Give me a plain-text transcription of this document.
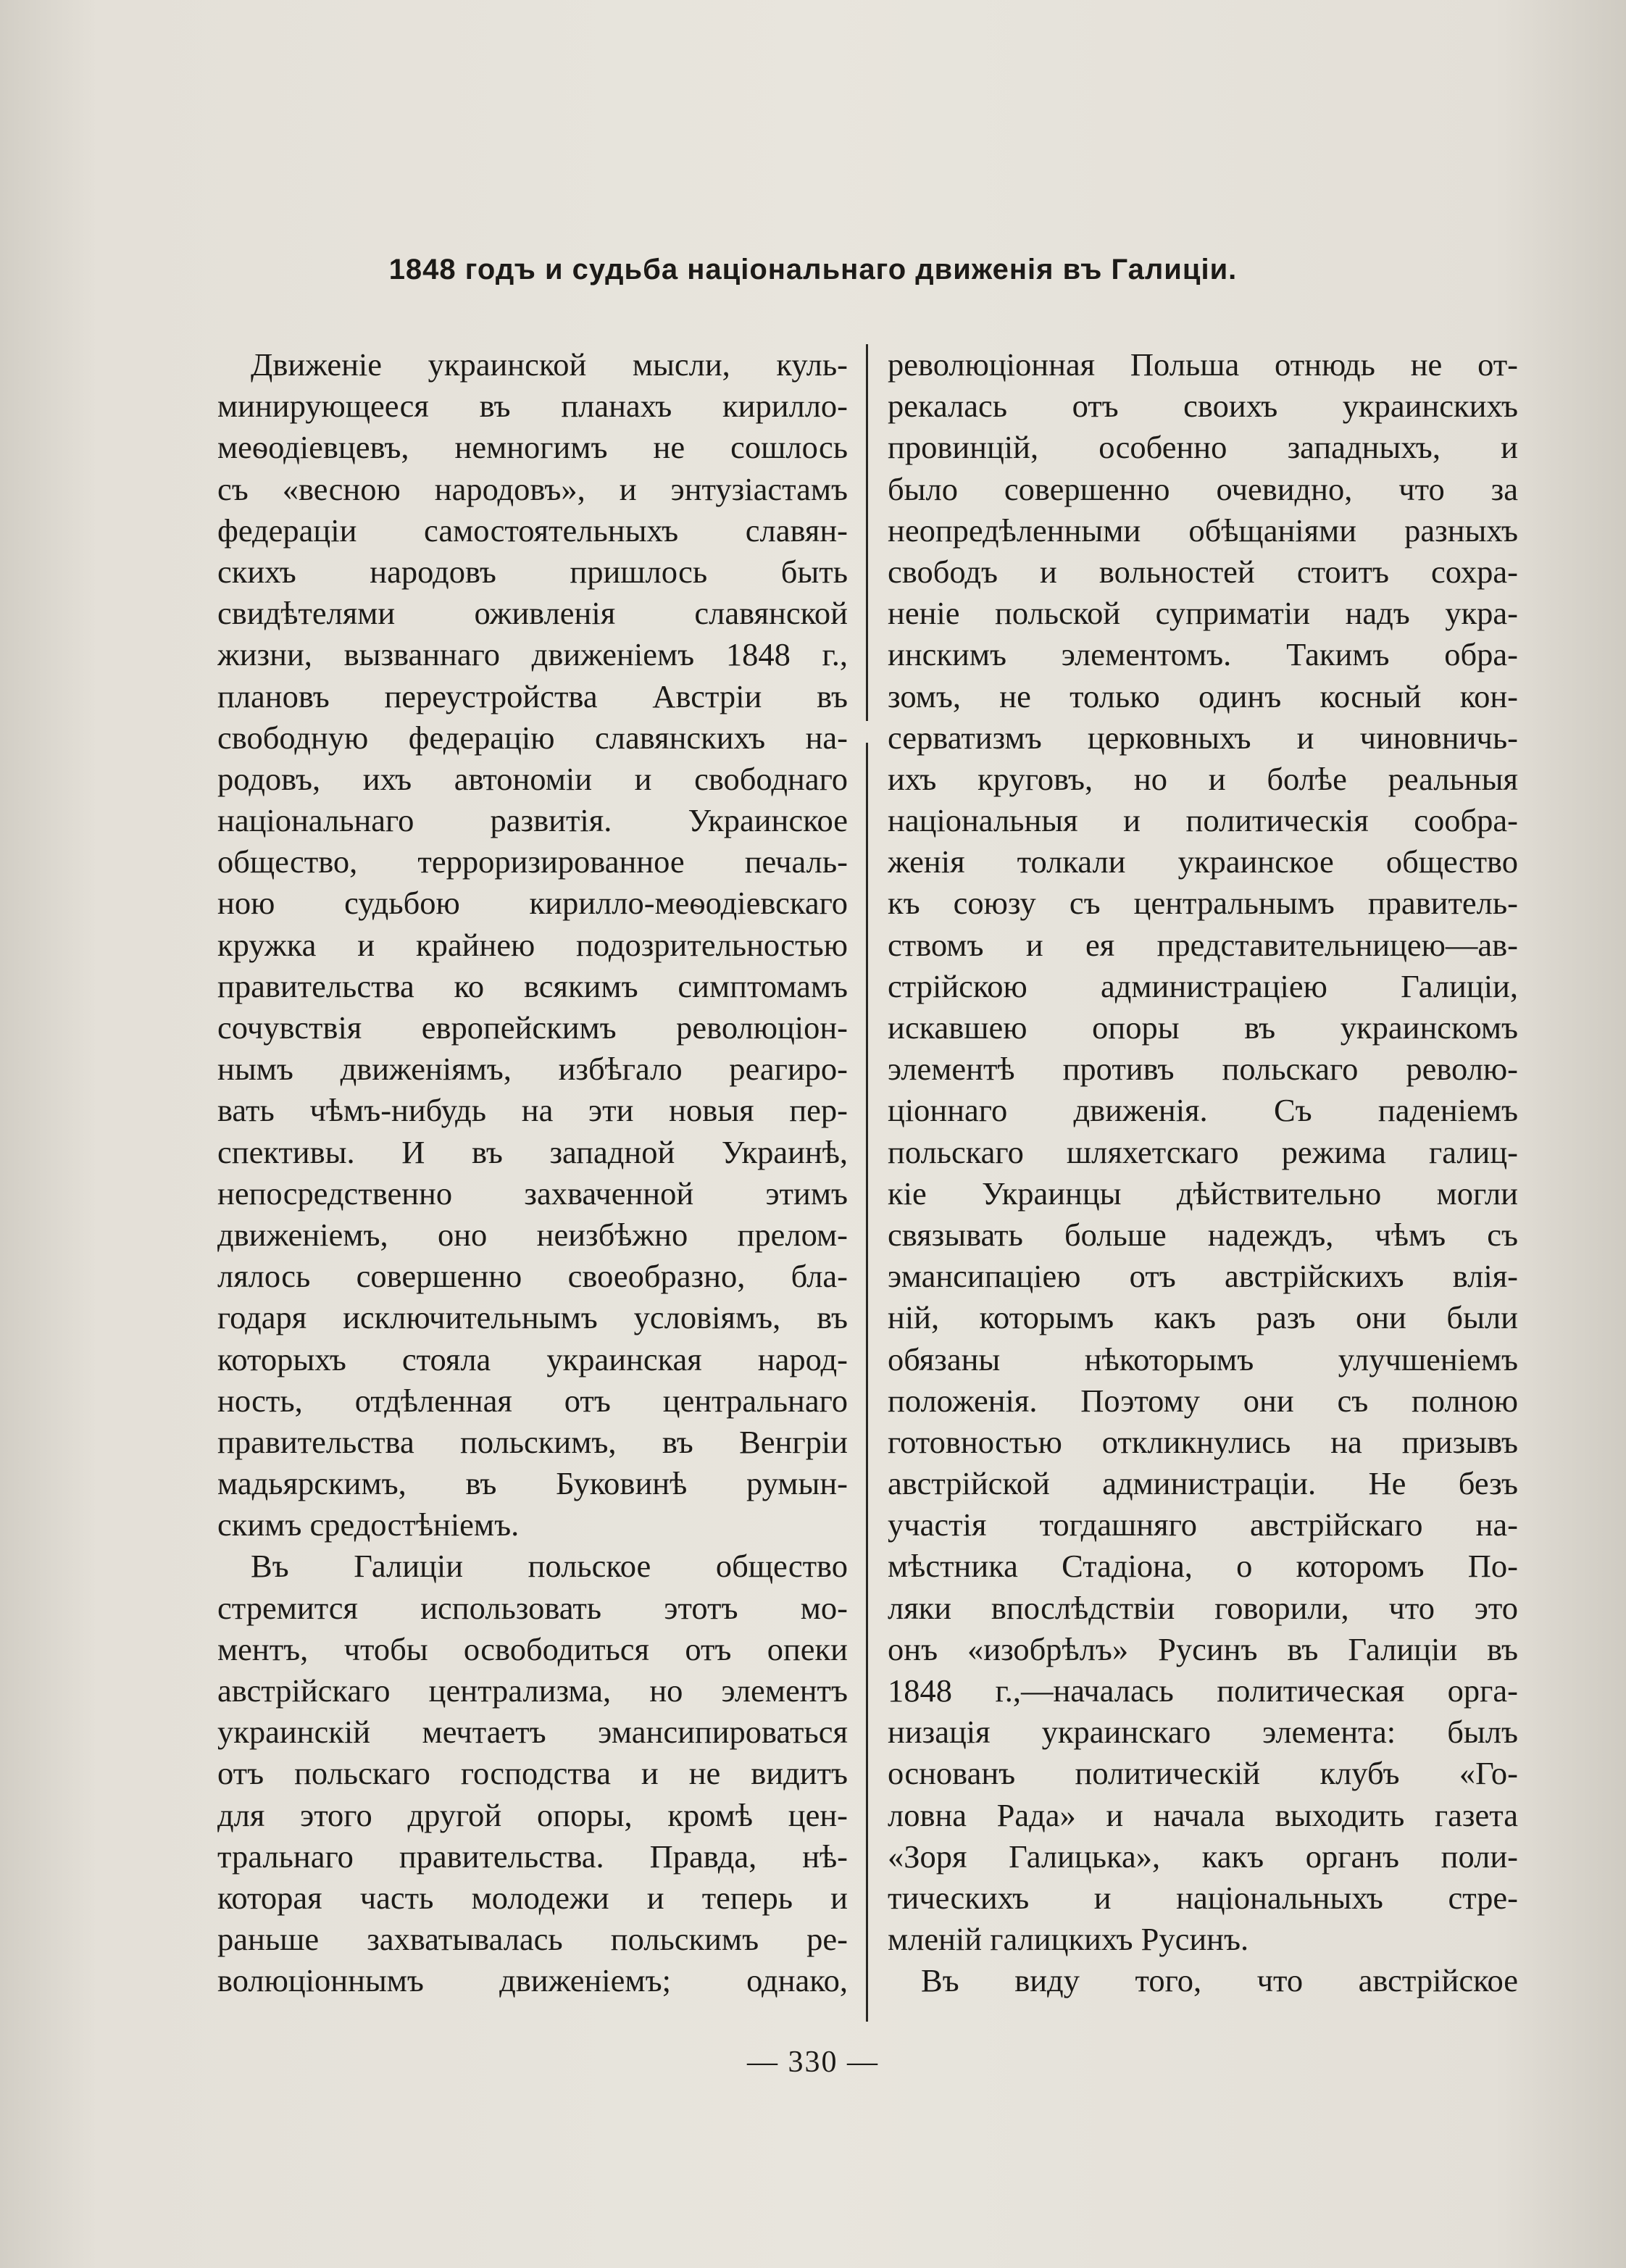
1848 годъ и судьба національнаго движенія въ Галиціи.
Движеніе украинской мысли, куль-
минирующееся въ планахъ кирилло-
меѳодіевцевъ, немногимъ не сошлось
съ «весною народовъ», и энтузіастамъ
федераціи самостоятельныхъ славян-
скихъ народовъ пришлось быть
свидѣтелями оживленія славянской
жизни, вызваннаго движеніемъ 1848 г.,
плановъ переустройства Австріи въ
свободную федерацію славянскихъ на-
родовъ, ихъ автономіи и свободнаго
національнаго развитія. Украинское
общество, терроризированное печаль-
ною судьбою кирилло-меѳодіевскаго
кружка и крайнею подозрительностью
правительства ко всякимъ симптомамъ
сочувствія европейскимъ революціон-
нымъ движеніямъ, избѣгало реагиро-
вать чѣмъ-нибудь на эти новыя пер-
спективы. И въ западной Украинѣ,
непосредственно захваченной этимъ
движеніемъ, оно неизбѣжно прелом-
лялось совершенно своеобразно, бла-
годаря исключительнымъ условіямъ, въ
которыхъ стояла украинская народ-
ность, отдѣленная отъ центральнаго
правительства польскимъ, въ Венгріи
мадьярскимъ, въ Буковинѣ румын-
скимъ средостѣніемъ.
Въ Галиціи польское общество
стремится использовать этотъ мо-
ментъ, чтобы освободиться отъ опеки
австрійскаго централизма, но элементъ
украинскій мечтаетъ эмансипироваться
отъ польскаго господства и не видитъ
для этого другой опоры, кромѣ цен-
тральнаго правительства. Правда, нѣ-
которая часть молодежи и теперь и
раньше захватывалась польскимъ ре-
волюціоннымъ движеніемъ; однако,
революціонная Польша отнюдь не от-
рекалась отъ своихъ украинскихъ
провинцій, особенно западныхъ, и
было совершенно очевидно, что за
неопредѣленными обѣщаніями разныхъ
свободъ и вольностей стоитъ сохра-
неніе польской суприматіи надъ укра-
инскимъ элементомъ. Такимъ обра-
зомъ, не только одинъ косный кон-
серватизмъ церковныхъ и чиновничь-
ихъ круговъ, но и болѣе реальныя
національныя и политическія сообра-
женія толкали украинское общество
къ союзу съ центральнымъ правитель-
ствомъ и ея представительницею—ав-
стрійскою администраціею Галиціи,
искавшею опоры въ украинскомъ
элементѣ противъ польскаго револю-
ціоннаго движенія. Съ паденіемъ
польскаго шляхетскаго режима галиц-
кіе Украинцы дѣйствительно могли
связывать больше надеждъ, чѣмъ съ
эмансипацiею отъ австрійскихъ влія-
ній, которымъ какъ разъ они были
обязаны нѣкоторымъ улучшеніемъ
положенія. Поэтому они съ полною
готовностью откликнулись на призывъ
австрійской администраціи. Не безъ
участія тогдашняго австрійскаго на-
мѣстника Стадіона, о которомъ По-
ляки впослѣдствіи говорили, что это
онъ «изобрѣлъ» Русинъ въ Галиціи въ
1848 г.,—началась политическая орга-
низація украинскаго элемента: былъ
основанъ политическій клубъ «Го-
ловна Рада» и начала выходить газета
«Зоря Галицька», какъ органъ поли-
тическихъ и національныхъ стре-
мленій галицкихъ Русинъ.
Въ виду того, что австрійское
— 330 —
